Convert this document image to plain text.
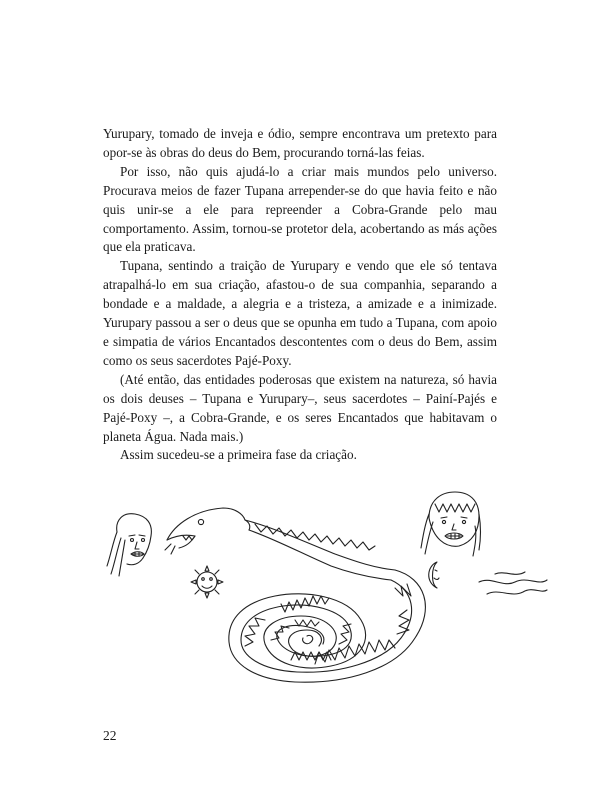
Yurupary, tomado de inveja e ódio, sempre encontrava um pretexto para opor-se às obras do deus do Bem, procurando torná-las feias.

Por isso, não quis ajudá-lo a criar mais mundos pelo universo. Procurava meios de fazer Tupana arrepender-se do que havia feito e não quis unir-se a ele para repreender a Cobra-Grande pelo mau comportamento. Assim, tornou-se protetor dela, acobertando as más ações que ela praticava.

Tupana, sentindo a traição de Yurupary e vendo que ele só tentava atrapalhá-lo em sua criação, afastou-o de sua companhia, separando a bondade e a maldade, a alegria e a tristeza, a amizade e a inimizade. Yurupary passou a ser o deus que se opunha em tudo a Tupana, com apoio e simpatia de vários Encantados descontentes com o deus do Bem, assim como os seus sacerdotes Pajé-Poxy.

(Até então, das entidades poderosas que existem na natureza, só havia os dois deuses – Tupana e Yurupary–, seus sacerdotes – Painí-Pajés e Pajé-Poxy –, a Cobra-Grande, e os seres Encantados que habitavam o planeta Água. Nada mais.)

Assim sucedeu-se a primeira fase da criação.

22
